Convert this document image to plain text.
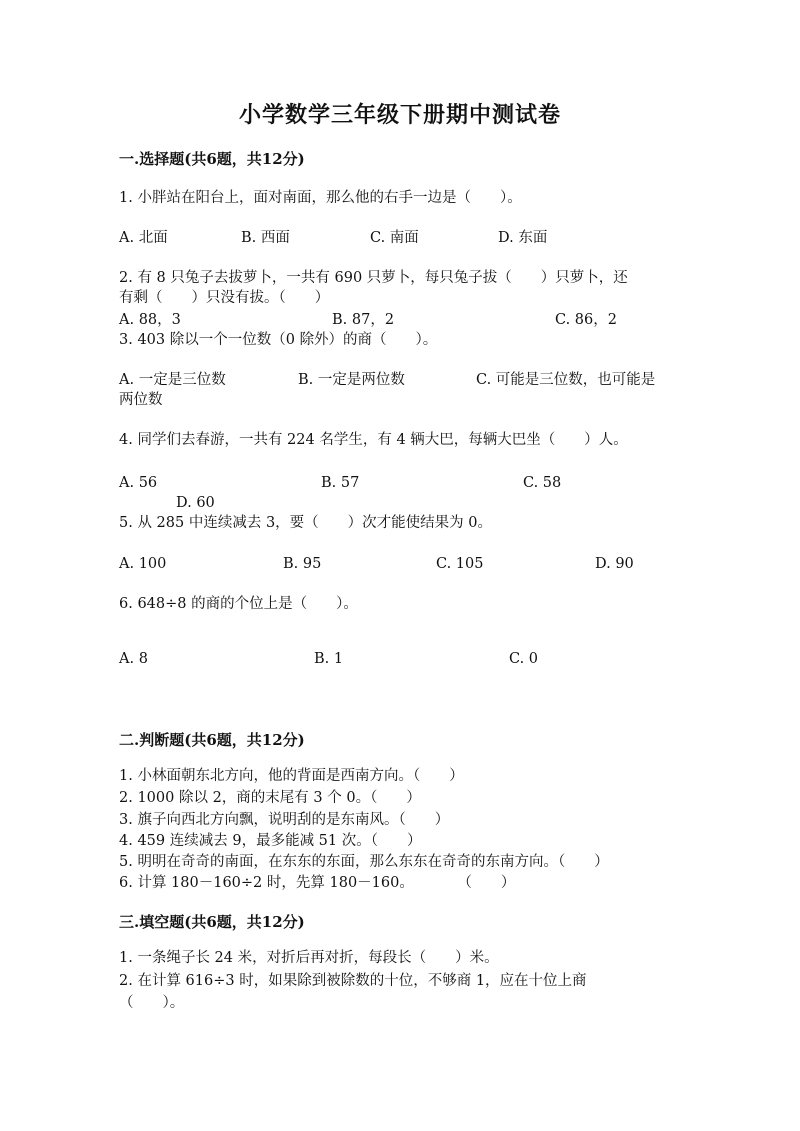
小学数学三年级下册期中测试卷
一.选择题(共6题，共12分)
1. 小胖站在阳台上，面对南面，那么他的右手一边是（　　）。
A. 北面	B. 西面	C. 南面	D. 东面
2. 有 8 只兔子去拔萝卜，一共有 690 只萝卜，每只兔子拔（　　）只萝卜，还
有剩（　　）只没有拔。（　　）
A. 88，3	B. 87，2	C. 86，2
3. 403 除以一个一位数（0 除外）的商（　　）。
A. 一定是三位数	B. 一定是两位数	C. 可能是三位数，也可能是
两位数
4. 同学们去春游，一共有 224 名学生，有 4 辆大巴，每辆大巴坐（　　）人。
A. 56	B. 57	C. 58
D. 60
5. 从 285 中连续减去 3，要（　　）次才能使结果为 0。
A. 100	B. 95	C. 105	D. 90
6. 648÷8 的商的个位上是（　　）。
A. 8	B. 1	C. 0
二.判断题(共6题，共12分)
1. 小林面朝东北方向，他的背面是西南方向。（　　）
2. 1000 除以 2，商的末尾有 3 个 0。（　　）
3. 旗子向西北方向飘，说明刮的是东南风。（　　）
4. 459 连续减去 9，最多能减 51 次。（　　）
5. 明明在奇奇的南面，在东东的东面，那么东东在奇奇的东南方向。（　　）
6. 计算 180－160÷2 时，先算 180－160。　　　　（　　）
三.填空题(共6题，共12分)
1. 一条绳子长 24 米，对折后再对折，每段长（　　）米。
2. 在计算 616÷3 时，如果除到被除数的十位，不够商 1，应在十位上商
（　　）。
